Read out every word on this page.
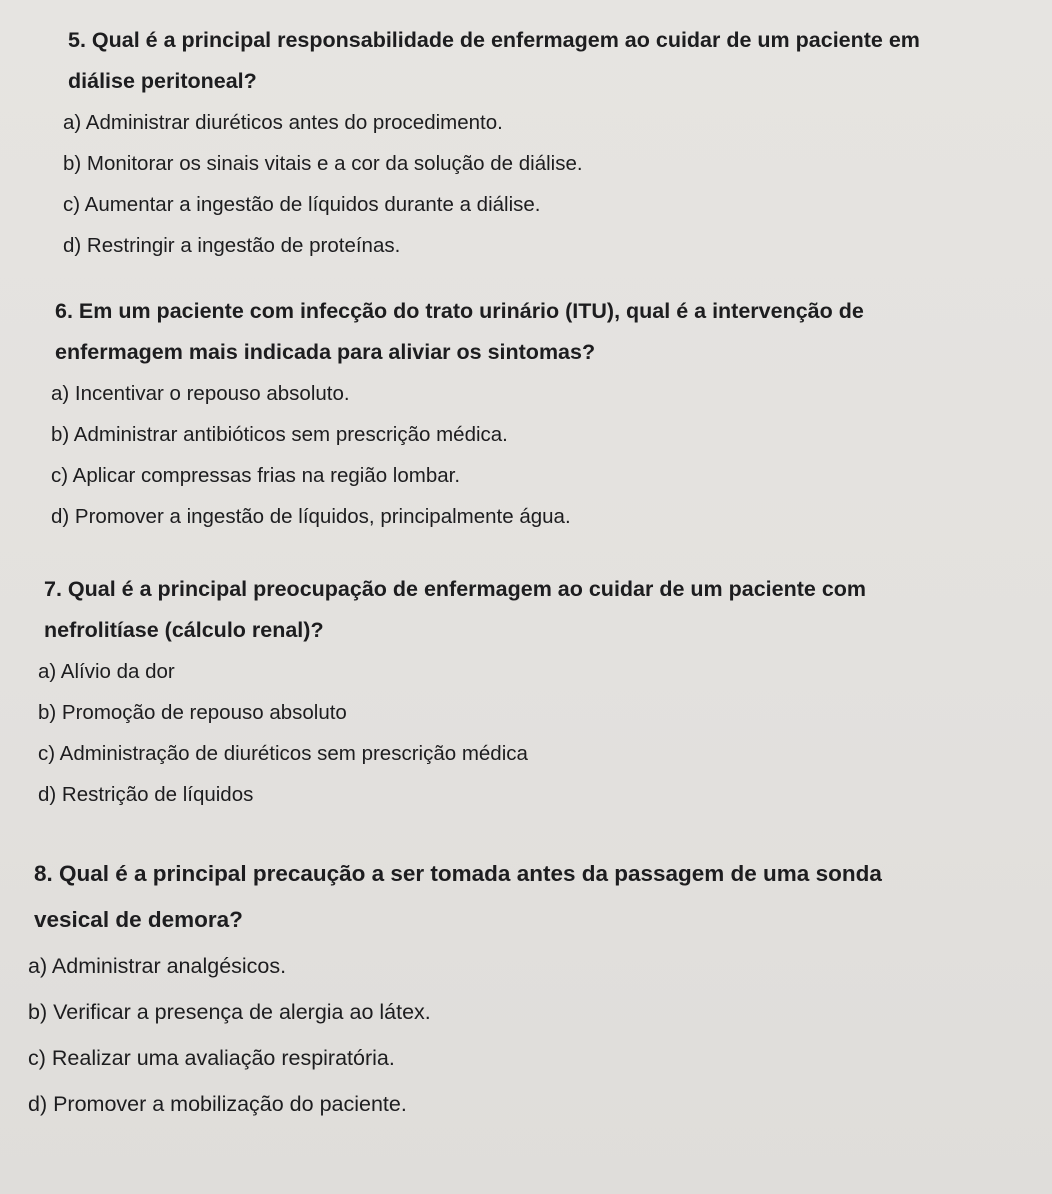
5. Qual é a principal responsabilidade de enfermagem ao cuidar de um paciente em
diálise peritoneal?

a) Administrar diuréticos antes do procedimento.

b) Monitorar os sinais vitais e a cor da solução de diálise.

c) Aumentar a ingestão de líquidos durante a diálise.

d) Restringir a ingestão de proteínas.

6. Em um paciente com infecção do trato urinário (ITU), qual é a intervenção de
enfermagem mais indicada para aliviar os sintomas?

a) Incentivar o repouso absoluto.

b) Administrar antibióticos sem prescrição médica.

c) Aplicar compressas frias na região lombar.

d) Promover a ingestão de líquidos, principalmente água.

7. Qual é a principal preocupação de enfermagem ao cuidar de um paciente com
nefrolitíase (cálculo renal)?

a) Alívio da dor

b) Promoção de repouso absoluto

c) Administração de diuréticos sem prescrição médica

d) Restrição de líquidos

8. Qual é a principal precaução a ser tomada antes da passagem de uma sonda
vesical de demora?

a) Administrar analgésicos.

b) Verificar a presença de alergia ao látex.

c) Realizar uma avaliação respiratória.

d) Promover a mobilização do paciente.
